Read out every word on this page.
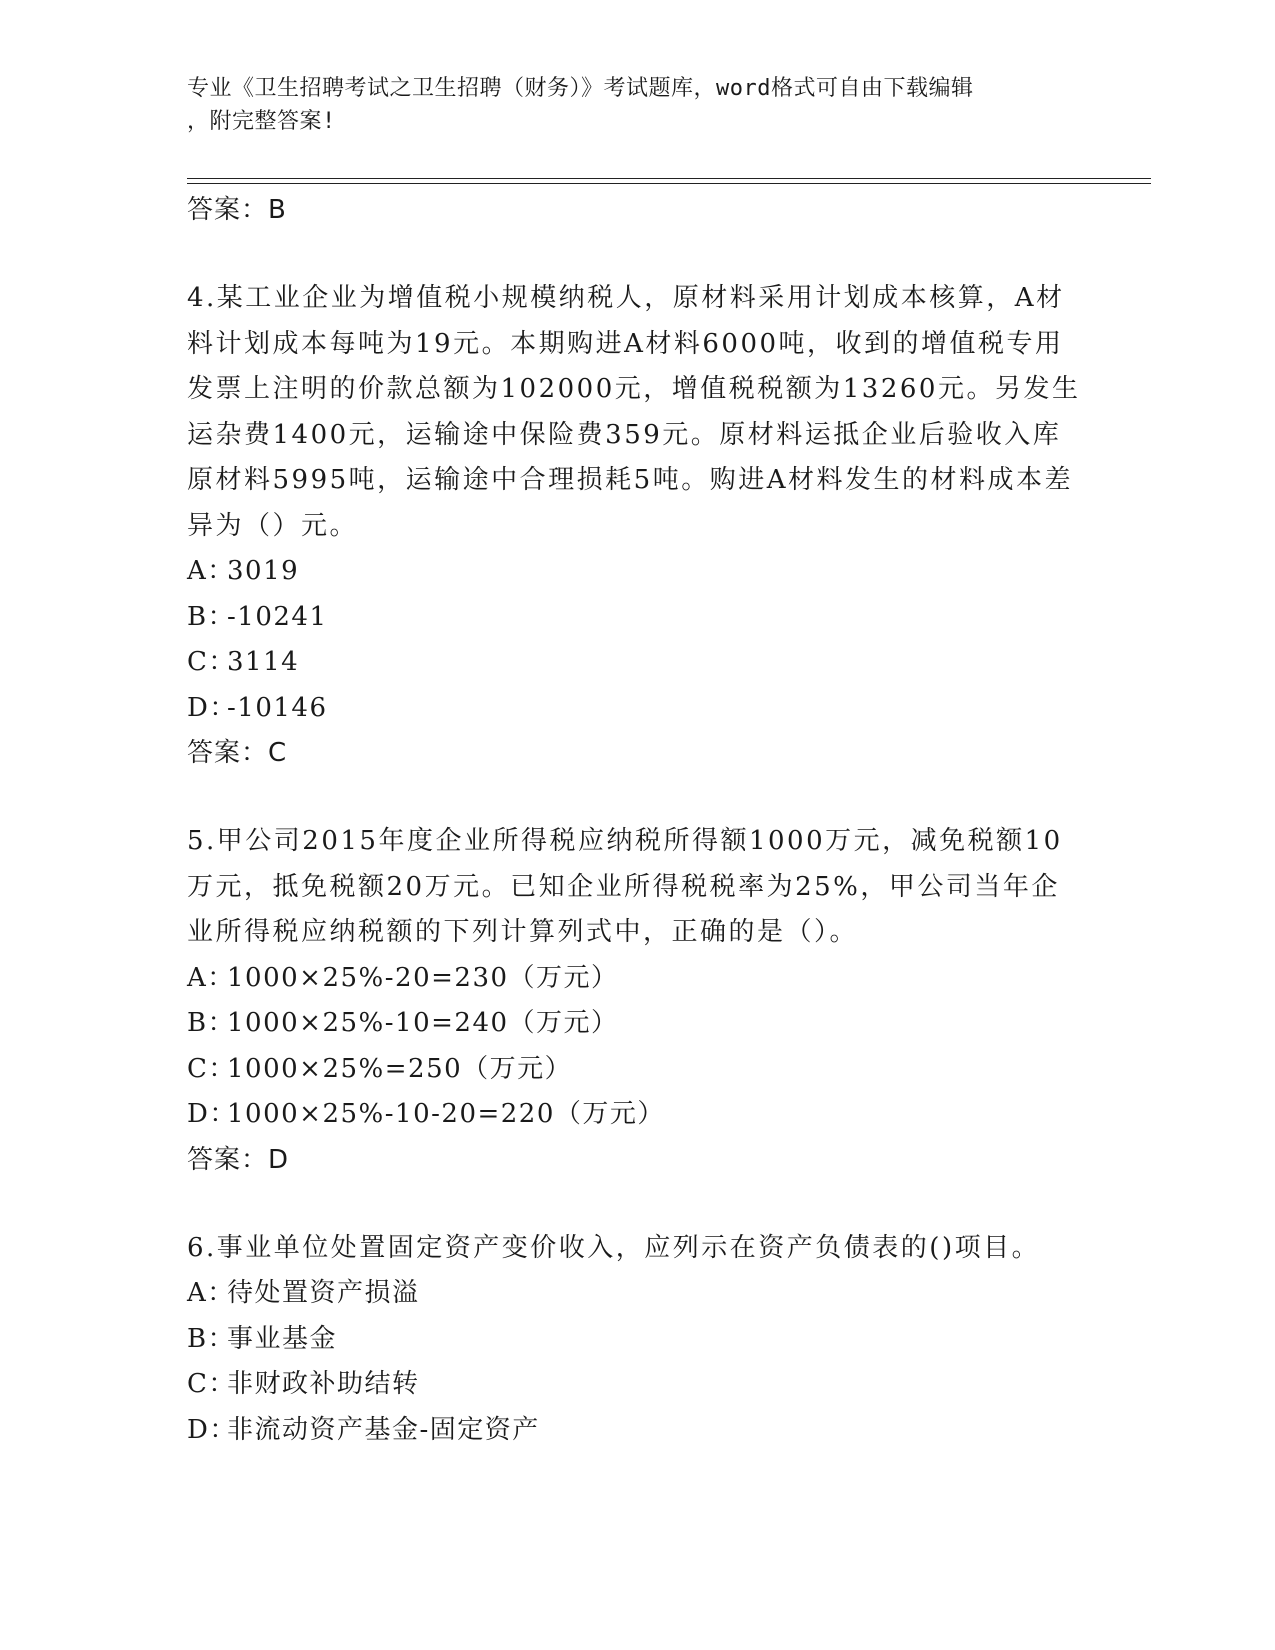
专业《卫生招聘考试之卫生招聘（财务）》考试题库，word格式可自由下载编辑

，附完整答案!

答案：B

4.某工业企业为增值税小规模纳税人，原材料采用计划成本核算，A材料计划成本每吨为19元。本期购进A材料6000吨，收到的增值税专用发票上注明的价款总额为102000元，增值税税额为13260元。另发生运杂费1400元，运输途中保险费359元。原材料运抵企业后验收入库原材料5995吨，运输途中合理损耗5吨。购进A材料发生的材料成本差异为（）元。

A：3019

B：-10241

C：3114

D：-10146

答案：C

5.甲公司2015年度企业所得税应纳税所得额1000万元，减免税额10万元，抵免税额20万元。已知企业所得税税率为25%，甲公司当年企业所得税应纳税额的下列计算列式中，正确的是（）。

A：1000×25%-20=230（万元）

B：1000×25%-10=240（万元）

C：1000×25%=250（万元）

D：1000×25%-10-20=220（万元）

答案：D

6.事业单位处置固定资产变价收入，应列示在资产负债表的()项目。

A：待处置资产损溢

B：事业基金

C：非财政补助结转

D：非流动资产基金-固定资产
